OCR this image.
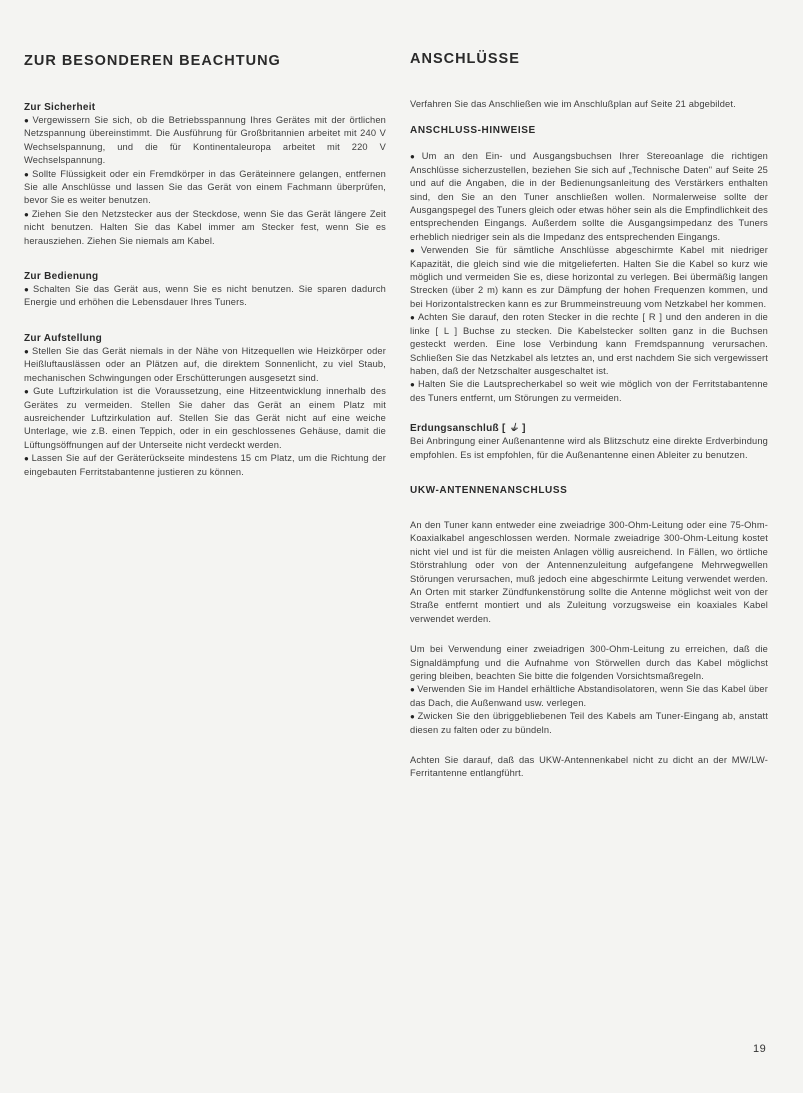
ZUR BESONDEREN BEACHTUNG
Zur Sicherheit

● Vergewissern Sie sich, ob die Betriebsspannung Ihres Gerätes mit der örtlichen Netzspannung übereinstimmt. Die Ausführung für Großbritannien arbeitet mit 240 V Wechselspannung, und die für Kontinentaleuropa arbeitet mit 220 V Wechselspannung.

● Sollte Flüssigkeit oder ein Fremdkörper in das Geräteinnere gelangen, entfernen Sie alle Anschlüsse und lassen Sie das Gerät von einem Fachmann überprüfen, bevor Sie es weiter benutzen.

● Ziehen Sie den Netzstecker aus der Steckdose, wenn Sie das Gerät längere Zeit nicht benutzen. Halten Sie das Kabel immer am Stecker fest, wenn Sie es herausziehen. Ziehen Sie niemals am Kabel.

Zur Bedienung

● Schalten Sie das Gerät aus, wenn Sie es nicht benutzen. Sie sparen dadurch Energie und erhöhen die Lebensdauer Ihres Tuners.

Zur Aufstellung

● Stellen Sie das Gerät niemals in der Nähe von Hitzequellen wie Heizkörper oder Heißluftauslässen oder an Plätzen auf, die direktem Sonnenlicht, zu viel Staub, mechanischen Schwingungen oder Erschütterungen ausgesetzt sind.

● Gute Luftzirkulation ist die Voraussetzung, eine Hitzeentwicklung innerhalb des Gerätes zu vermeiden. Stellen Sie daher das Gerät an einem Platz mit ausreichender Luftzirkulation auf. Stellen Sie das Gerät nicht auf eine weiche Unterlage, wie z.B. einen Teppich, oder in ein geschlossenes Gehäuse, damit die Lüftungsöffnungen auf der Unterseite nicht verdeckt werden.

● Lassen Sie auf der Geräterückseite mindestens 15 cm Platz, um die Richtung der eingebauten Ferritstabantenne justieren zu können.

ANSCHLÜSSE

Verfahren Sie das Anschließen wie im Anschlußplan auf Seite 21 abgebildet.

ANSCHLUSS-HINWEISE

● Um an den Ein- und Ausgangsbuchsen Ihrer Stereoanlage die richtigen Anschlüsse sicherzustellen, beziehen Sie sich auf „Technische Daten" auf Seite 25 und auf die Angaben, die in der Bedienungsanleitung des Verstärkers enthalten sind, den Sie an den Tuner anschließen wollen. Normalerweise sollte der Ausgangspegel des Tuners gleich oder etwas höher sein als die Empfindlichkeit des entsprechenden Eingangs. Außerdem sollte die Ausgangsimpedanz des Tuners erheblich niedriger sein als die Impedanz des entsprechenden Eingangs.

● Verwenden Sie für sämtliche Anschlüsse abgeschirmte Kabel mit niedriger Kapazität, die gleich sind wie die mitgelieferten. Halten Sie die Kabel so kurz wie möglich und vermeiden Sie es, diese horizontal zu verlegen. Bei übermäßig langen Strecken (über 2 m) kann es zur Dämpfung der hohen Frequenzen kommen, und bei Horizontalstrecken kann es zur Brummeinstreuung vom Netzkabel her kommen.

● Achten Sie darauf, den roten Stecker in die rechte [ R ] und den anderen in die linke [ L ] Buchse zu stecken. Die Kabelstecker sollten ganz in die Buchsen gesteckt werden. Eine lose Verbindung kann Fremdspannung verursachen. Schließen Sie das Netzkabel als letztes an, und erst nachdem Sie sich vergewissert haben, daß der Netzschalter ausgeschaltet ist.

● Halten Sie die Lautsprecherkabel so weit wie möglich von der Ferritstabantenne des Tuners entfernt, um Störungen zu vermeiden.

Erdungsanschluß [ ⏚ ]

Bei Anbringung einer Außenantenne wird als Blitzschutz eine direkte Erdverbindung empfohlen. Es ist empfohlen, für die Außenantenne einen Ableiter zu benutzen.

UKW-ANTENNENANSCHLUSS

An den Tuner kann entweder eine zweiadrige 300-Ohm-Leitung oder eine 75-Ohm-Koaxialkabel angeschlossen werden. Normale zweiadrige 300-Ohm-Leitung kostet nicht viel und ist für die meisten Anlagen völlig ausreichend. In Fällen, wo örtliche Störstrahlung oder von der Antennenzuleitung aufgefangene Mehrwegwellen Störungen verursachen, muß jedoch eine abgeschirmte Leitung verwendet werden. An Orten mit starker Zündfunkenstörung sollte die Antenne möglichst weit von der Straße entfernt montiert und als Zuleitung vorzugsweise ein koaxiales Kabel verwendet werden.

Um bei Verwendung einer zweiadrigen 300-Ohm-Leitung zu erreichen, daß die Signaldämpfung und die Aufnahme von Störwellen durch das Kabel möglichst gering bleiben, beachten Sie bitte die folgenden Vorsichtsmaßregeln.

● Verwenden Sie im Handel erhältliche Abstandisolatoren, wenn Sie das Kabel über das Dach, die Außenwand usw. verlegen.

● Zwicken Sie den übriggebliebenen Teil des Kabels am Tuner-Eingang ab, anstatt diesen zu falten oder zu bündeln.

Achten Sie darauf, daß das UKW-Antennenkabel nicht zu dicht an der MW/LW-Ferritantenne entlangführt.

19
